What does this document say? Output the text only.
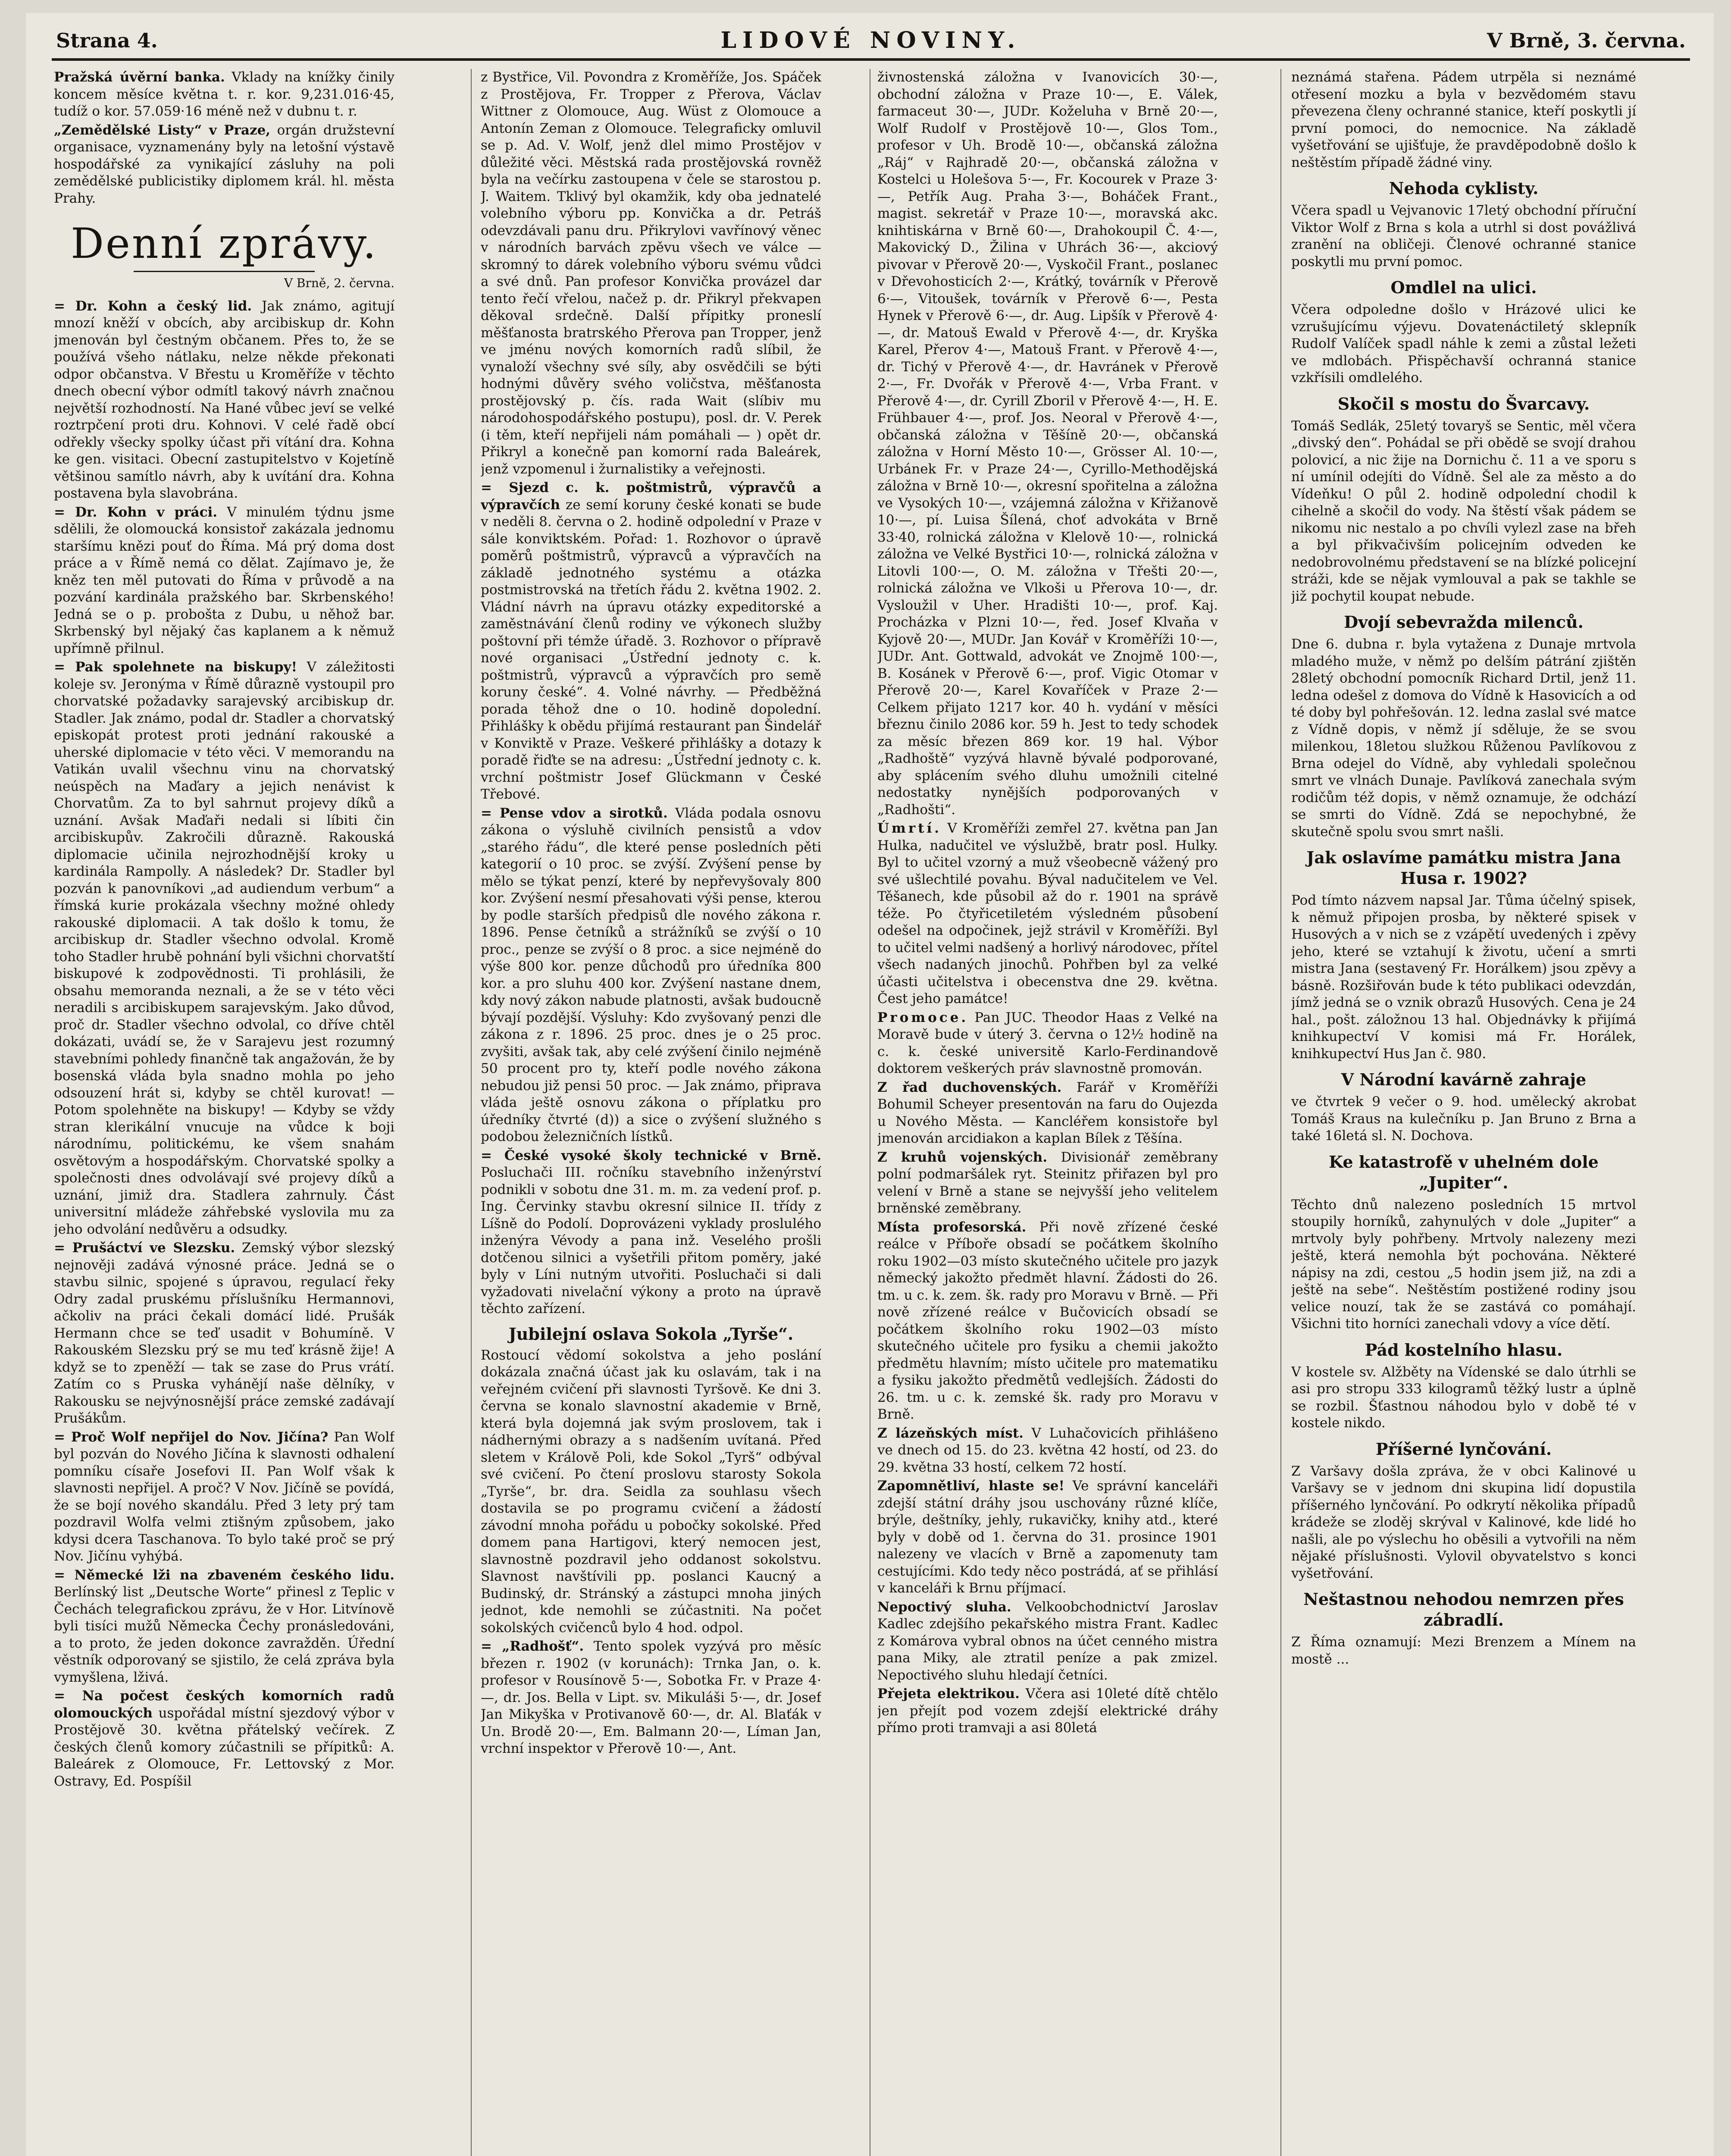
Strana 4.	LIDOVÉ NOVINY.	V Brně, 3. června.

Pražská úvěrní banka. Vklady na knížky činily koncem měsíce května t. r. kor. 9,231.016·45, tudíž o kor. 57.059·16 méně než v dubnu t. r.

„Zemědělské Listy“ v Praze, orgán družstevní organisace, vyznamenány byly na letošní výstavě hospodářské za vynikající zásluhy na poli zemědělské publicistiky diplomem král. hl. města Prahy.

Denní zprávy.
V Brně, 2. června.

= Dr. Kohn a český lid. Jak známo, agitují mnozí kněží v obcích, aby arcibiskup dr. Kohn jmenován byl čestným občanem. Přes to, že se používá všeho nátlaku, nelze někde překonati odpor občanstva. V Břestu u Kroměříže v těchto dnech obecní výbor odmítl takový návrh značnou největší rozhodností. Na Hané vůbec jeví se velké roztrpčení proti dru. Kohnovi. V celé řadě obcí odřekly všecky spolky účast při vítání dra. Kohna ke gen. visitaci. Obecní zastupitelstvo v Kojetíně většinou samítlo návrh, aby k uvítání dra. Kohna postavena byla slavobrána.

= Dr. Kohn v práci. V minulém týdnu jsme sdělili, že olomoucká konsistoř zakázala jednomu staršímu knězi pouť do Říma. Má prý doma dost práce a v Římě nemá co dělat. Zajímavo je, že kněz ten měl putovati do Říma v průvodě a na pozvání kardinála pražského bar. Skrbenského! Jedná se o p. probošta z Dubu, u něhož bar. Skrbenský byl nějaký čas kaplanem a k němuž upřímně přilnul.

= Pak spolehnete na biskupy! V záležitosti koleje sv. Jeronýma v Římě důrazně vystoupil pro chorvatské požadavky sarajevský arcibiskup dr. Stadler. Jak známo, podal dr. Stadler a chorvatský episkopát protest proti jednání rakouské a uherské diplomacie v této věci. V memorandu na Vatikán uvalil všechnu vinu na chorvatský neúspěch na Maďary a jejich nenávist k Chorvatům. Za to byl sahrnut projevy díků a uznání. Avšak Maďaři nedali si líbiti čin arcibiskupův. Zakročili důrazně. Rakouská diplomacie učinila nejrozhodnější kroky u kardinála Rampolly. A následek? Dr. Stadler byl pozván k panovníkovi „ad audiendum verbum“ a římská kurie prokázala všechny možné ohledy rakouské diplomacii. A tak došlo k tomu, že arcibiskup dr. Stadler všechno odvolal. Kromě toho Stadler hrubě pohnání byli všichni chorvatští biskupové k zodpovědnosti. Ti prohlásili, že obsahu memoranda neznali, a že se v této věci neradili s arcibiskupem sarajevským. Jako důvod, proč dr. Stadler všechno odvolal, co dříve chtěl dokázati, uvádí se, že v Sarajevu jest rozumný stavebními pohledy finančně tak angažován, že by bosenská vláda byla snadno mohla po jeho odsouzení hrát si, kdyby se chtěl kurovat! — Potom spolehněte na biskupy! — Kdyby se vždy stran klerikální vnucuje na vůdce k boji národnímu, politickému, ke všem snahám osvětovým a hospodářským. Chorvatské spolky a společnosti dnes odvolávají své projevy díků a uznání, jimiž dra. Stadlera zahrnuly. Část universitní mládeže záhřebské vyslovila mu za jeho odvolání nedůvěru a odsudky.

= Prušáctví ve Slezsku. Zemský výbor slezský nejnověji zadává výnosné práce. Jedná se o stavbu silnic, spojené s úpravou, regulací řeky Odry zadal pruskému příslušníku Hermannovi, ačkoliv na práci čekali domácí lidé. Prušák Hermann chce se teď usadit v Bohumíně. V Rakouském Slezsku prý se mu teď krásně žije! A když se to zpeněží — tak se zase do Prus vrátí. Zatím co s Pruska vyhánějí naše dělníky, v Rakousku se nejvýnosnější práce zemské zadávají Prušákům.

= Proč Wolf nepřijel do Nov. Jičína? Pan Wolf byl pozván do Nového Jičína k slavnosti odhalení pomníku císaře Josefovi II. Pan Wolf však k slavnosti nepřijel. A proč? V Nov. Jičíně se povídá, že se bojí nového skandálu. Před 3 lety prý tam pozdravil Wolfa velmi ztišným způsobem, jako kdysi dcera Taschanova. To bylo také proč se prý Nov. Jičínu vyhýbá.

= Německé lži na zbaveném českého lidu. Berlínský list „Deutsche Worte“ přinesl z Teplic v Čechách telegrafickou zprávu, že v Hor. Litvínově byli tisíci mužů Německa Čechy pronásledováni, a to proto, že jeden dokonce zavražděn. Úřední věstník odporovaný se sjistilo, že celá zpráva byla vymyšlena, lživá.

= Na počest českých komorních radů olomouckých uspořádal místní sjezdový výbor v Prostějově 30. května přátelský večírek. Z českých členů komory zúčastnili se přípitků: A. Baleárek z Olomouce, Fr. Lettovský z Mor. Ostravy, Ed. Pospíšil

z Bystřice, Vil. Povondra z Kroměříže, Jos. Spáček z Prostějova, Fr. Tropper z Přerova, Václav Wittner z Olomouce, Aug. Wüst z Olomouce a Antonín Zeman z Olomouce. Telegraficky omluvil se p. Ad. V. Wolf, jenž dlel mimo Prostějov v důležité věci. Městská rada prostějovská rovněž byla na večírku zastoupena v čele se starostou p. J. Waitem. Tklivý byl okamžik, kdy oba jednatelé volebního výboru pp. Konvička a dr. Petráš odevzdávali panu dru. Přikrylovi vavřínový věnec v národních barvách zpěvu všech ve válce — skromný to dárek volebního výboru svému vůdci a své dnů. Pan profesor Konvička provázel dar tento řečí vřelou, načež p. dr. Přikryl překvapen děkoval srdečně. Další přípitky proneslí měšťanosta bratrského Přerova pan Tropper, jenž ve jménu nových komorních radů slíbil, že vynaloží všechny své síly, aby osvědčili se býti hodnými důvěry svého voličstva, měšťanosta prostějovský p. čís. rada Wait (slíbiv mu národohospodářského postupu), posl. dr. V. Perek (i těm, kteří nepřijeli nám pomáhali — ) opět dr. Přikryl a konečně pan komorní rada Baleárek, jenž vzpomenul i žurnalistiky a veřejnosti.

= Sjezd c. k. poštmistrů, výpravčů a výpravčích ze semí koruny české konati se bude v neděli 8. června o 2. hodině odpolední v Praze v sále konviktském. Pořad: 1. Rozhovor o úpravě poměrů poštmistrů, výpravců a výpravčích na základě jednotného systému a otázka postmistrovská na třetích řádu 2. května 1902. 2. Vládní návrh na úpravu otázky expeditorské a zaměstnávání členů rodiny ve výkonech služby poštovní při témže úřadě. 3. Rozhovor o přípravě nové organisaci „Ústřední jednoty c. k. poštmistrů, výpravců a výpravčích pro semě koruny české“. 4. Volné návrhy. — Předběžná porada těhož dne o 10. hodině dopolední. Přihlášky k obědu přijímá restaurant pan Šindelář v Konviktě v Praze. Veškeré přihlášky a dotazy k poradě řiďte se na adresu: „Ústřední jednoty c. k. vrchní poštmistr Josef Glückmann v České Třebové.

= Pense vdov a sirotků. Vláda podala osnovu zákona o výsluhě civilních pensistů a vdov „starého řádu“, dle které pense posledních pěti kategorií o 10 proc. se zvýší. Zvýšení pense by mělo se týkat penzí, které by nepřevyšovaly 800 kor. Zvýšení nesmí přesahovati výši pense, kterou by podle starších předpisů dle nového zákona r. 1896. Pense četníků a strážníků se zvýší o 10 proc., penze se zvýší o 8 proc. a sice nejméně do výše 800 kor. penze důchodů pro úředníka 800 kor. a pro sluhu 400 kor. Zvýšení nastane dnem, kdy nový zákon nabude platnosti, avšak budoucně bývají pozdější. Výsluhy: Kdo zvyšovaný penzi dle zákona z r. 1896. 25 proc. dnes je o 25 proc. zvyšiti, avšak tak, aby celé zvýšení činilo nejméně 50 procent pro ty, kteří podle nového zákona nebudou již pensi 50 proc. — Jak známo, připrava vláda ještě osnovu zákona o příplatku pro úředníky čtvrté (d)) a sice o zvýšení služného s podobou železničních lístků.

= České vysoké školy technické v Brně. Posluchači III. ročníku stavebního inženýrství podnikli v sobotu dne 31. m. m. za vedení prof. p. Ing. Červinky stavbu okresní silnice II. třídy z Líšně do Podolí. Doprovázeni vyklady proslulého inženýra Vévody a pana inž. Veselého prošli dotčenou silnici a vyšetřili přitom poměry, jaké byly v Líni nutným utvořiti. Posluchači si dali vyžadovati nivelační výkony a proto na úpravě těchto zařízení.

Jubilejní oslava Sokola „Tyrše“.

Rostoucí vědomí sokolstva a jeho poslání dokázala značná účast jak ku oslavám, tak i na veřejném cvičení při slavnosti Tyršově. Ke dni 3. června se konalo slavnostní akademie v Brně, která byla dojemná jak svým proslovem, tak i nádhernými obrazy a s nadšením uvítaná. Před sletem v Králově Poli, kde Sokol „Tyrš“ odbýval své cvičení. Po čtení proslovu starosty Sokola „Tyrše“, br. dra. Seidla za souhlasu všech dostavila se po programu cvičení a žádostí závodní mnoha pořádu u pobočky sokolské. Před domem pana Hartigovi, který nemocen jest, slavnostně pozdravil jeho oddanost sokolstvu. Slavnost navštívili pp. poslanci Kaucný a Budinský, dr. Stránský a zástupci mnoha jiných jednot, kde nemohli se zúčastniti. Na počet sokolských cvičenců bylo 4 hod. odpol.

= „Radhošť“. Tento spolek vyzývá pro měsíc březen r. 1902 (v korunách): Trnka Jan, o. k. profesor v Rousínově 5·—, Sobotka Fr. v Praze 4·—, dr. Jos. Bella v Lipt. sv. Mikuláši 5·—, dr. Josef Jan Mikyška v Protivanově 60·—, dr. Al. Blaťák v Un. Brodě 20·—, Em. Balmann 20·—, Líman Jan, vrchní inspektor v Přerově 10·—, Ant.

živnostenská záložna v Ivanovicích 30·—, obchodní záložna v Praze 10·—, E. Válek, farmaceut 30·—, JUDr. Koželuha v Brně 20·—, Wolf Rudolf v Prostějově 10·—, Glos Tom., profesor v Uh. Brodě 10·—, občanská záložna „Ráj“ v Rajhradě 20·—, občanská záložna v Kostelci u Holešova 5·—, Fr. Kocourek v Praze 3·—, Petřík Aug. Praha 3·—, Boháček Frant., magist. sekretář v Praze 10·—, moravská akc. knihtiskárna v Brně 60·—, Drahokoupil Č. 4·—, Makovický D., Žilina v Uhrách 36·—, akciový pivovar v Přerově 20·—, Vyskočil Frant., poslanec v Dřevohosticích 2·—, Krátký, továrník v Přerově 6·—, Vitoušek, továrník v Přerově 6·—, Pesta Hynek v Přerově 6·—, dr. Aug. Lipšík v Přerově 4·—, dr. Matouš Ewald v Přerově 4·—, dr. Kryška Karel, Přerov 4·—, Matouš Frant. v Přerově 4·—, dr. Tichý v Přerově 4·—, dr. Havránek v Přerově 2·—, Fr. Dvořák v Přerově 4·—, Vrba Frant. v Přerově 4·—, dr. Cyrill Zboril v Přerově 4·—, H. E. Frühbauer 4·—, prof. Jos. Neoral v Přerově 4·—, občanská záložna v Těšíně 20·—, občanská záložna v Horní Město 10·—, Grösser Al. 10·—, Urbánek Fr. v Praze 24·—, Cyrillo-Methodějská záložna v Brně 10·—, okresní spořitelna a záložna ve Vysokých 10·—, vzájemná záložna v Křižanově 10·—, pí. Luisa Šílená, choť advokáta v Brně 33·40, rolnická záložna v Klelově 10·—, rolnická záložna ve Velké Bystřici 10·—, rolnická záložna v Litovli 100·—, O. M. záložna v Třešti 20·—, rolnická záložna ve Vlkoši u Přerova 10·—, dr. Vysloužil v Uher. Hradišti 10·—, prof. Kaj. Procházka v Plzni 10·—, řed. Josef Klvaňa v Kyjově 20·—, MUDr. Jan Kovář v Kroměříži 10·—, JUDr. Ant. Gottwald, advokát ve Znojmě 100·—, B. Kosánek v Přerově 6·—, prof. Vigic Otomar v Přerově 20·—, Karel Kovaříček v Praze 2·— Celkem přijato 1217 kor. 40 h. vydání v měsíci březnu činilo 2086 kor. 59 h. Jest to tedy schodek za měsíc březen 869 kor. 19 hal. Výbor „Radhoště“ vyzývá hlavně bývalé podporované, aby splácením svého dluhu umožnili citelné nedostatky nynějších podporovaných v „Radhošti“.

Úmrtí. V Kroměříži zemřel 27. května pan Jan Hulka, nadučitel ve výslužbě, bratr posl. Hulky. Byl to učitel vzorný a muž všeobecně vážený pro své ušlechtilé povahu. Býval nadučitelem ve Vel. Těšanech, kde působil až do r. 1901 na správě téže. Po čtyřicetiletém výsledném působení odešel na odpočinek, jejž strávil v Kroměříži. Byl to učitel velmi nadšený a horlivý národovec, přítel všech nadaných jinochů. Pohřben byl za velké účasti učitelstva i obecenstva dne 29. května. Čest jeho památce!

Promoce. Pan JUC. Theodor Haas z Velké na Moravě bude v úterý 3. června o 12½ hodině na c. k. české universitě Karlo-Ferdinandově doktorem veškerých práv slavnostně promován.

Z řad duchovenských. Farář v Kroměříži Bohumil Scheyer presentován na faru do Oujezda u Nového Města. — Kancléřem konsistoře byl jmenován arcidiakon a kaplan Bílek z Těšína.

Z kruhů vojenských. Divisionář zeměbrany polní podmaršálek ryt. Steinitz přiřazen byl pro velení v Brně a stane se nejvyšší jeho velitelem brněnské zeměbrany.

Místa profesorská. Při nově zřízené české reálce v Příboře obsadí se počátkem školního roku 1902—03 místo skutečného učitele pro jazyk německý jakožto předmět hlavní. Žádosti do 26. tm. u c. k. zem. šk. rady pro Moravu v Brně. — Při nově zřízené reálce v Bučovicích obsadí se počátkem školního roku 1902—03 místo skutečného učitele pro fysiku a chemii jakožto předmětu hlavním; místo učitele pro matematiku a fysiku jakožto předmětů vedlejších. Žádosti do 26. tm. u c. k. zemské šk. rady pro Moravu v Brně.

Z lázeňských míst. V Luhačovicích přihlášeno ve dnech od 15. do 23. května 42 hostí, od 23. do 29. května 33 hostí, celkem 72 hostí.

Zapomnětliví, hlaste se! Ve správní kanceláři zdejší státní dráhy jsou uschovány různé klíče, brýle, deštníky, jehly, rukavičky, knihy atd., které byly v době od 1. června do 31. prosince 1901 nalezeny ve vlacích v Brně a zapomenuty tam cestujícími. Kdo tedy něco postrádá, ať se přihlásí v kanceláři k Brnu příjmací.

Nepoctivý sluha. Velkoobchodnictví Jaroslav Kadlec zdejšího pekařského mistra Frant. Kadlec z Komárova vybral obnos na účet cenného mistra pana Miky, ale ztratil peníze a pak zmizel. Nepoctivého sluhu hledají četníci.

Přejeta elektrikou. Včera asi 10leté dítě chtělo jen přejít pod vozem zdejší elektrické dráhy přímo proti tramvaji a asi 80letá

neznámá stařena. Pádem utrpěla si neznámé otřesení mozku a byla v bezvědomém stavu převezena členy ochranné stanice, kteří poskytli jí první pomoci, do nemocnice. Na základě vyšetřování se ujišťuje, že pravděpodobně došlo k neštěstím případě žádné viny.

Nehoda cyklisty.

Včera spadl u Vejvanovic 17letý obchodní příruční Viktor Wolf z Brna s kola a utrhl si dost povážlivá zranění na obličeji. Členové ochranné stanice poskytli mu první pomoc.

Omdlel na ulici.

Včera odpoledne došlo v Hrázové ulici ke vzrušujícímu výjevu. Dovatenáctiletý sklepník Rudolf Valíček spadl náhle k zemi a zůstal ležeti ve mdlobách. Přispěchavší ochranná stanice vzkřísili omdlelého.

Skočil s mostu do Švarcavy.

Tomáš Sedlák, 25letý tovaryš se Sentic, měl včera „divský den“. Pohádal se při obědě se svojí drahou polovicí, a nic žije na Dornichu č. 11 a ve sporu s ní umínil odejíti do Vídně. Šel ale za město a do Vídeňku! O půl 2. hodině odpolední chodil k cihelně a skočil do vody. Na štěstí však pádem se nikomu nic nestalo a po chvíli vylezl zase na břeh a byl přikvačivším policejním odveden ke nedobrovolnému představení se na blízké policejní stráži, kde se nějak vymlouval a pak se takhle se již pochytil koupat nebude.

Dvojí sebevražda milenců.

Dne 6. dubna r. byla vytažena z Dunaje mrtvola mladého muže, v němž po delším pátrání zjištěn 28letý obchodní pomocník Richard Drtil, jenž 11. ledna odešel z domova do Vídně k Hasovicích a od té doby byl pohřešován. 12. ledna zaslal své matce z Vídně dopis, v němž jí sděluje, že se svou milenkou, 18letou služkou Růženou Pavlíkovou z Brna odejel do Vídně, aby vyhledali společnou smrt ve vlnách Dunaje. Pavlíková zanechala svým rodičům též dopis, v němž oznamuje, že odchází se smrti do Vídně. Zdá se nepochybné, že skutečně spolu svou smrt našli.

Jak oslavíme památku mistra Jana Husa r. 1902?

Pod tímto názvem napsal Jar. Tůma účelný spisek, k němuž připojen prosba, by některé spisek v Husových a v nich se z vzápětí uvedených i zpěvy jeho, které se vztahují k životu, učení a smrti mistra Jana (sestavený Fr. Horálkem) jsou zpěvy a básně. Rozšiřován bude k této publikaci odevzdán, jímž jedná se o vznik obrazů Husových. Cena je 24 hal., pošt. záložnou 13 hal. Objednávky k přijímá knihkupectví V komisi má Fr. Horálek, knihkupectví Hus Jan č. 980.

V Národní kavárně zahraje

ve čtvrtek 9 večer o 9. hod. umělecký akrobat Tomáš Kraus na kulečníku p. Jan Bruno z Brna a také 16letá sl. N. Dochova.

Ke katastrofě v uhelném dole „Jupiter“.

Těchto dnů nalezeno posledních 15 mrtvol stoupily horníků, zahynulých v dole „Jupiter“ a mrtvoly byly pohřbeny. Mrtvoly nalezeny mezi ještě, která nemohla být pochována. Některé nápisy na zdi, cestou „5 hodin jsem již, na zdi a ještě na sebe“. Neštěstím postižené rodiny jsou velice nouzí, tak že se zastává co pomáhají. Všichni tito horníci zanechali vdovy a více dětí.

Pád kostelního hlasu.

V kostele sv. Alžběty na Vídenské se dalo útrhli se asi pro stropu 333 kilogramů těžký lustr a úplně se rozbil. Šťastnou náhodou bylo v době té v kostele nikdo.

Příšerné lynčování.

Z Varšavy došla zpráva, že v obci Kalinové u Varšavy se v jednom dni skupina lidí dopustila příšerného lynčování. Po odkrytí několika případů krádeže se zloděj skrýval v Kalinové, kde lidé ho našli, ale po výslechu ho oběsili a vytvořili na něm nějaké příslušnosti. Vylovil obyvatelstvo s konci vyšetřování.

Neštastnou nehodou nemrzen přes zábradlí.

Z Říma oznamují: Mezi Brenzem a Mínem na mostě ...
